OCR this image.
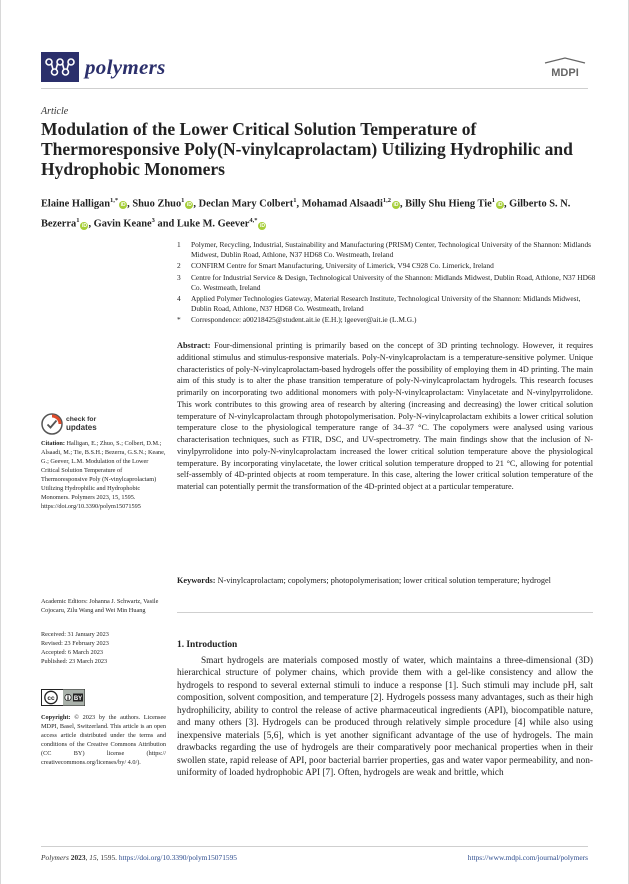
polymers	MDPI
Article
Modulation of the Lower Critical Solution Temperature of Thermoresponsive Poly(N-vinylcaprolactam) Utilizing Hydrophilic and Hydrophobic Monomers
Elaine Halligan$^{1,*}$iD , Shuo Zhuo$^1$iD , Declan Mary Colbert$^1$, Mohamad Alsaadi$^{1,2}$iD , Billy Shu Hieng Tie$^1$iD , Gilberto S. N. Bezerra$^1$iD , Gavin Keane$^3$ and Luke M. Geever$^{4,*}$iD
1	Polymer, Recycling, Industrial, Sustainability and Manufacturing (PRISM) Center, Technological University of the Shannon: Midlands Midwest, Dublin Road, Athlone, N37 HD68 Co. Westmeath, Ireland
2	CONFIRM Centre for Smart Manufacturing, University of Limerick, V94 C928 Co. Limerick, Ireland
3	Centre for Industrial Service & Design, Technological University of the Shannon: Midlands Midwest, Dublin Road, Athlone, N37 HD68 Co. Westmeath, Ireland
4	Applied Polymer Technologies Gateway, Material Research Institute, Technological University of the Shannon: Midlands Midwest, Dublin Road, Athlone, N37 HD68 Co. Westmeath, Ireland
*	Correspondence: a00218425@student.ait.ie (E.H.); lgeever@ait.ie (L.M.G.)
Abstract: Four-dimensional printing is primarily based on the concept of 3D printing technology. However, it requires additional stimulus and stimulus-responsive materials. Poly-N-vinylcaprolactam is a temperature-sensitive polymer. Unique characteristics of poly-N-vinylcaprolactam-based hydrogels offer the possibility of employing them in 4D printing. The main aim of this study is to alter the phase transition temperature of poly-N-vinylcaprolactam hydrogels. This research focuses primarily on incorporating two additional monomers with poly-N-vinylcaprolactam: Vinylacetate and N-vinylpyrrolidone. This work contributes to this growing area of research by altering (increasing and decreasing) the lower critical solution temperature of N-vinylcaprolactam through photopolymerisation. Poly-N-vinylcaprolactam exhibits a lower critical solution temperature close to the physiological temperature range of 34–37 °C. The copolymers were analysed using various characterisation techniques, such as FTIR, DSC, and UV-spectrometry. The main findings show that the inclusion of N-vinylpyrrolidone into poly-N-vinylcaprolactam increased the lower critical solution temperature above the physiological temperature. By incorporating vinylacetate, the lower critical solution temperature dropped to 21 °C, allowing for potential self-assembly of 4D-printed objects at room temperature. In this case, altering the lower critical solution temperature of the material can potentially permit the transformation of the 4D-printed object at a particular temperature.
Keywords: N-vinylcaprolactam; copolymers; photopolymerisation; lower critical solution temperature; hydrogel
check for
updates
Citation: Halligan, E.; Zhuo, S.; Colbert, D.M.; Alsaadi, M.; Tie, B.S.H.; Bezerra, G.S.N.; Keane, G.; Geever, L.M. Modulation of the Lower Critical Solution Temperature of Thermoresponsive Poly (N-vinylcaprolactam) Utilizing Hydrophilic and Hydrophobic Monomers. Polymers 2023, 15, 1595. https://doi.org/10.3390/polym15071595
Academic Editors: Johanna J. Schwartz, Vasile Cojocaru, Zilu Wang and Wei Min Huang
Received: 31 January 2023
Revised: 23 February 2023
Accepted: 6 March 2023
Published: 23 March 2023
cc	BY
Copyright: © 2023 by the authors. Licensee MDPI, Basel, Switzerland. This article is an open access article distributed under the terms and conditions of the Creative Commons Attribution (CC BY) license (https:// creativecommons.org/licenses/by/ 4.0/).
1. Introduction
Smart hydrogels are materials composed mostly of water, which maintains a three-dimensional (3D) hierarchical structure of polymer chains, which provide them with a gel-like consistency and allow the hydrogels to respond to several external stimuli to induce a response [1]. Such stimuli may include pH, salt composition, solvent composition, and temperature [2]. Hydrogels possess many advantages, such as their high hydrophilicity, ability to control the release of active pharmaceutical ingredients (API), biocompatible nature, and many others [3]. Hydrogels can be produced through relatively simple procedure [4] while also using inexpensive materials [5,6], which is yet another significant advantage of the use of hydrogels. The main drawbacks regarding the use of hydrogels are their comparatively poor mechanical properties when in their swollen state, rapid release of API, poor bacterial barrier properties, gas and water vapor permeability, and non-uniformity of loaded hydrophobic API [7]. Often, hydrogels are weak and brittle, which
Polymers 2023, 15, 1595. https://doi.org/10.3390/polym15071595	https://www.mdpi.com/journal/polymers
